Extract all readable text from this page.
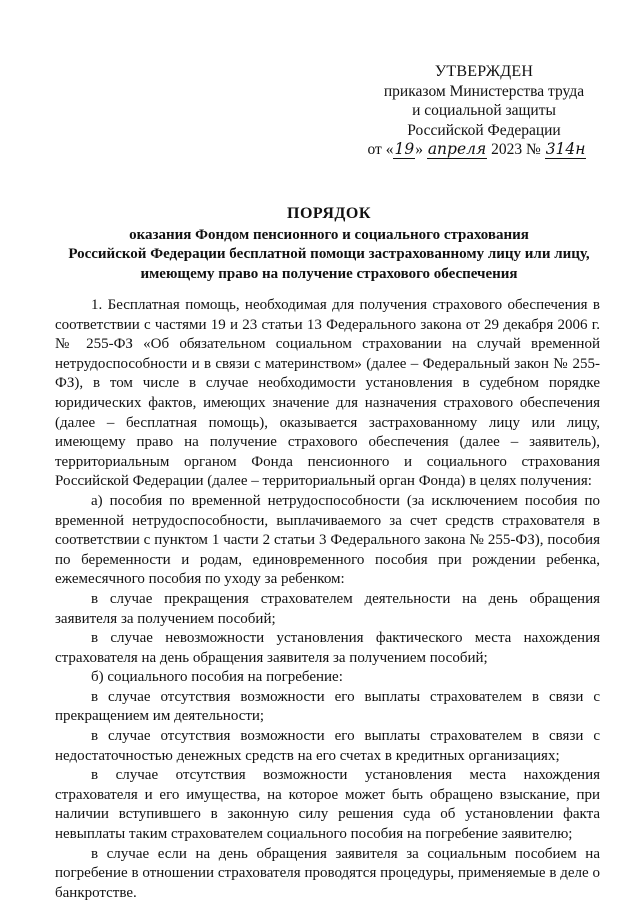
УТВЕРЖДЕН
приказом Министерства труда
и социальной защиты
Российской Федерации
от «19» апреля 2023 № 314н
ПОРЯДОК
оказания Фондом пенсионного и социального страхования
Российской Федерации бесплатной помощи застрахованному лицу или лицу,
имеющему право на получение страхового обеспечения

1. Бесплатная помощь, необходимая для получения страхового обеспечения в соответствии с частями 19 и 23 статьи 13 Федерального закона от 29 декабря 2006 г. № 255-ФЗ «Об обязательном социальном страховании на случай временной нетрудоспособности и в связи с материнством» (далее – Федеральный закон № 255-ФЗ), в том числе в случае необходимости установления в судебном порядке юридических фактов, имеющих значение для назначения страхового обеспечения (далее – бесплатная помощь), оказывается застрахованному лицу или лицу, имеющему право на получение страхового обеспечения (далее – заявитель), территориальным органом Фонда пенсионного и социального страхования Российской Федерации (далее – территориальный орган Фонда) в целях получения:

а) пособия по временной нетрудоспособности (за исключением пособия по временной нетрудоспособности, выплачиваемого за счет средств страхователя в соответствии с пунктом 1 части 2 статьи 3 Федерального закона № 255-ФЗ), пособия по беременности и родам, единовременного пособия при рождении ребенка, ежемесячного пособия по уходу за ребенком:

в случае прекращения страхователем деятельности на день обращения заявителя за получением пособий;

в случае невозможности установления фактического места нахождения страхователя на день обращения заявителя за получением пособий;

б) социального пособия на погребение:

в случае отсутствия возможности его выплаты страхователем в связи с прекращением им деятельности;

в случае отсутствия возможности его выплаты страхователем в связи с недостаточностью денежных средств на его счетах в кредитных организациях;

в случае отсутствия возможности установления места нахождения страхователя и его имущества, на которое может быть обращено взыскание, при наличии вступившего в законную силу решения суда об установлении факта невыплаты таким страхователем социального пособия на погребение заявителю;

в случае если на день обращения заявителя за социальным пособием на погребение в отношении страхователя проводятся процедуры, применяемые в деле о банкротстве.
